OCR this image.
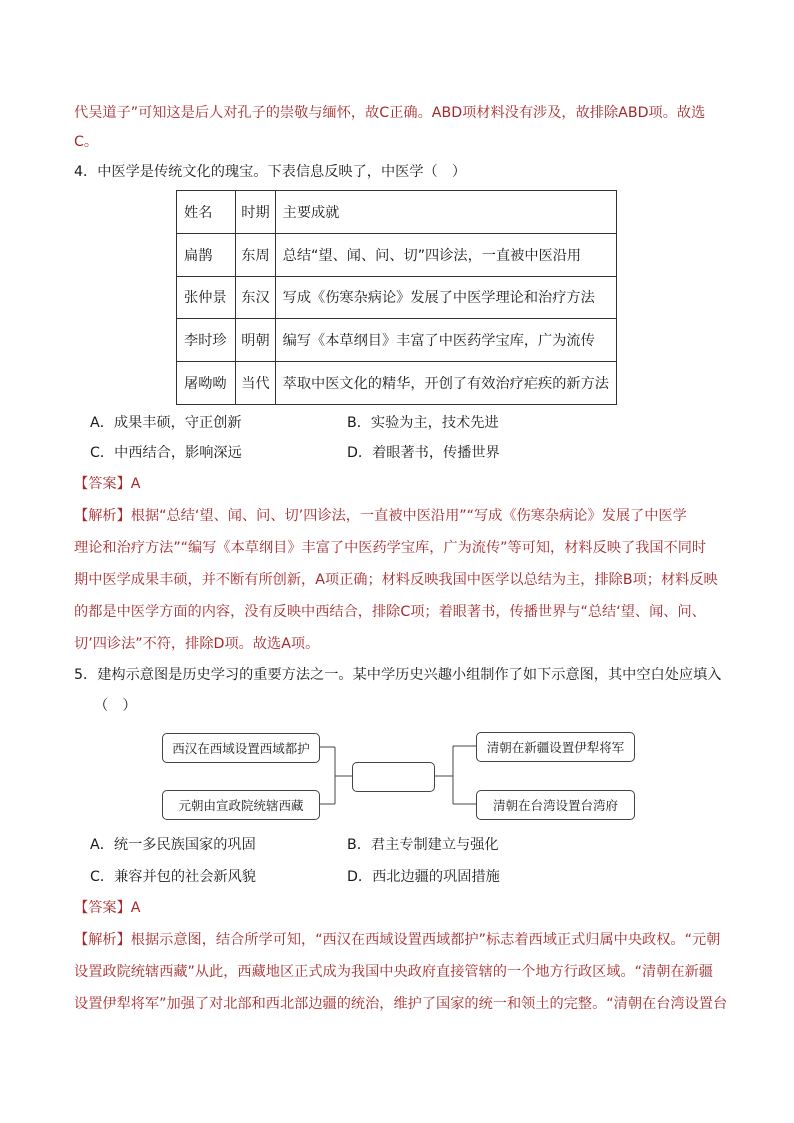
代吴道子”可知这是后人对孔子的崇敬与缅怀，故C正确。ABD项材料没有涉及，故排除ABD项。故选
C。
4．中医学是传统文化的瑰宝。下表信息反映了，中医学（　）
姓名	时期	主要成就
扁鹊	东周	总结“望、闻、问、切”四诊法，一直被中医沿用
张仲景	东汉	写成《伤寒杂病论》发展了中医学理论和治疗方法
李时珍	明朝	编写《本草纲目》丰富了中医药学宝库，广为流传
屠呦呦	当代	萃取中医文化的精华，开创了有效治疗疟疾的新方法
A．成果丰硕，守正创新	B．实验为主，技术先进
C．中西结合，影响深远	D．着眼著书，传播世界
【答案】A
【解析】根据“总结‘望、闻、问、切’四诊法，一直被中医沿用”“写成《伤寒杂病论》发展了中医学
理论和治疗方法”“编写《本草纲目》丰富了中医药学宝库，广为流传”等可知，材料反映了我国不同时
期中医学成果丰硕，并不断有所创新，A项正确；材料反映我国中医学以总结为主，排除B项；材料反映
的都是中医学方面的内容，没有反映中西结合，排除C项；着眼著书，传播世界与“总结‘望、闻、问、
切’四诊法”不符，排除D项。故选A项。
5．建构示意图是历史学习的重要方法之一。某中学历史兴趣小组制作了如下示意图，其中空白处应填入
（　）
西汉在西域设置西域都护
元朝由宣政院统辖西藏
清朝在新疆设置伊犁将军
清朝在台湾设置台湾府
A．统一多民族国家的巩固	B．君主专制建立与强化
C．兼容并包的社会新风貌	D．西北边疆的巩固措施
【答案】A
【解析】根据示意图，结合所学可知，“西汉在西域设置西域都护”标志着西域正式归属中央政权。“元朝
设置政院统辖西藏”从此，西藏地区正式成为我国中央政府直接管辖的一个地方行政区域。“清朝在新疆
设置伊犁将军”加强了对北部和西北部边疆的统治，维护了国家的统一和领土的完整。“清朝在台湾设置台
